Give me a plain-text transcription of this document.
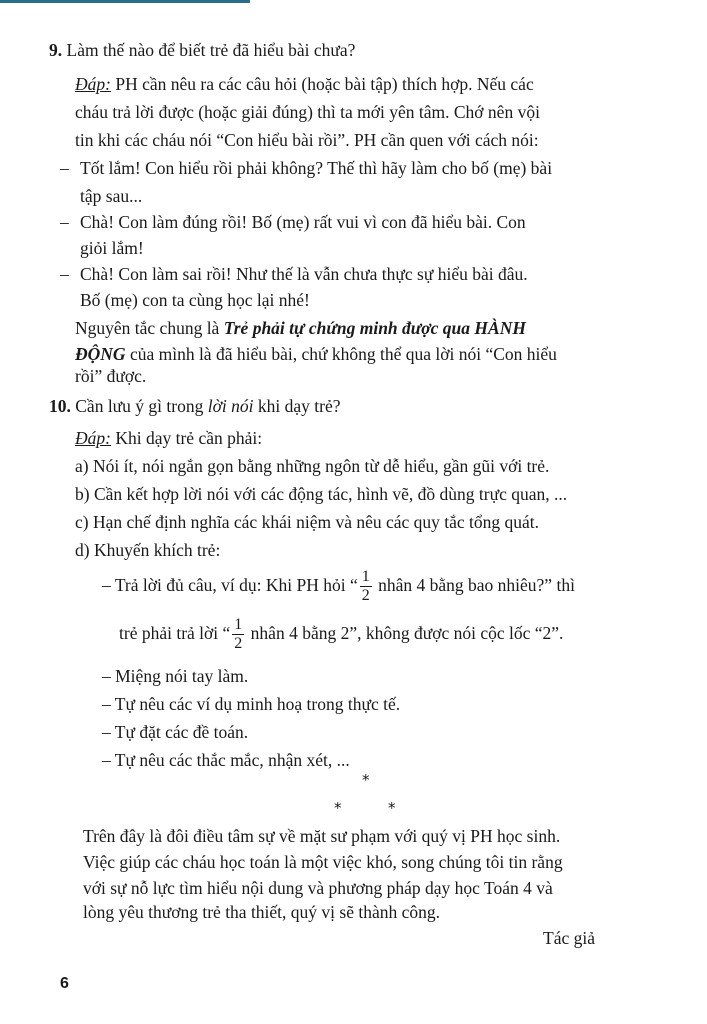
9. Làm thế nào để biết trẻ đã hiểu bài chưa?
Đáp: PH cần nêu ra các câu hỏi (hoặc bài tập) thích hợp. Nếu các
cháu trả lời được (hoặc giải đúng) thì ta mới yên tâm. Chớ nên vội
tin khi các cháu nói “Con hiểu bài rồi”. PH cần quen với cách nói:
– Tốt lắm! Con hiểu rồi phải không? Thế thì hãy làm cho bố (mẹ) bài
tập sau...
– Chà! Con làm đúng rồi! Bố (mẹ) rất vui vì con đã hiểu bài. Con
giỏi lắm!
– Chà! Con làm sai rồi! Như thế là vẫn chưa thực sự hiểu bài đâu.
Bố (mẹ) con ta cùng học lại nhé!
Nguyên tắc chung là Trẻ phải tự chứng minh được qua HÀNH
ĐỘNG của mình là đã hiểu bài, chứ không thể qua lời nói “Con hiểu
rồi” được.
10. Cần lưu ý gì trong lời nói khi dạy trẻ?
Đáp: Khi dạy trẻ cần phải:
a) Nói ít, nói ngắn gọn bằng những ngôn từ dễ hiểu, gần gũi với trẻ.
b) Cần kết hợp lời nói với các động tác, hình vẽ, đồ dùng trực quan, ...
c) Hạn chế định nghĩa các khái niệm và nêu các quy tắc tổng quát.
d) Khuyến khích trẻ:
– Trả lời đủ câu, ví dụ: Khi PH hỏi “ $\frac{1}{2}$ nhân 4 bằng bao nhiêu?” thì
trẻ phải trả lời “ $\frac{1}{2}$ nhân 4 bằng 2”, không được nói cộc lốc “2”.
– Miệng nói tay làm.
– Tự nêu các ví dụ minh hoạ trong thực tế.
– Tự đặt các đề toán.
– Tự nêu các thắc mắc, nhận xét, ...
*
*	*
Trên đây là đôi điều tâm sự về mặt sư phạm với quý vị PH học sinh.
Việc giúp các cháu học toán là một việc khó, song chúng tôi tin rằng
với sự nỗ lực tìm hiểu nội dung và phương pháp dạy học Toán 4 và
lòng yêu thương trẻ tha thiết, quý vị sẽ thành công.
Tác giả
6
